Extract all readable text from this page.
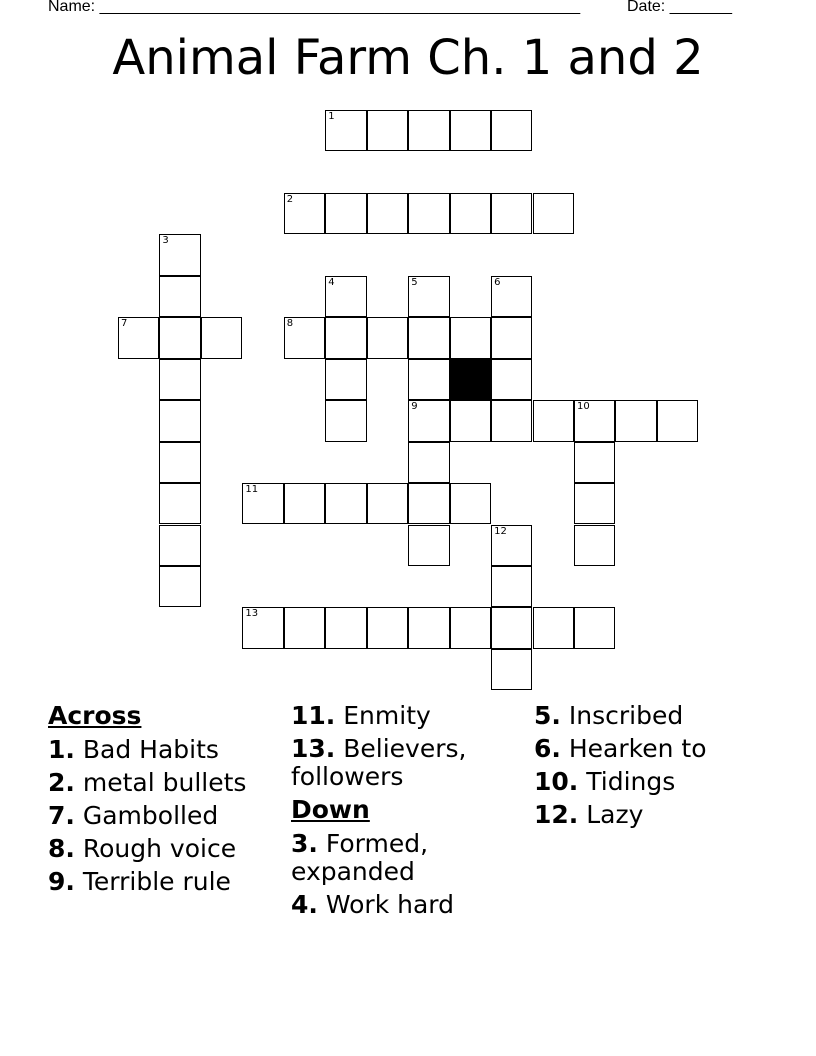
Name: ______________________________________________________	Date: _______
Animal Farm Ch. 1 and 2
1
2
3
4	5
9
6
7	8
10
11
12
13
Across
1. Bad Habits
2. metal bullets
7. Gambolled
8. Rough voice
9. Terrible rule
11. Enmity
13. Believers, followers
Down
3. Formed, expanded
4. Work hard
5. Inscribed
6. Hearken to
10. Tidings
12. Lazy
